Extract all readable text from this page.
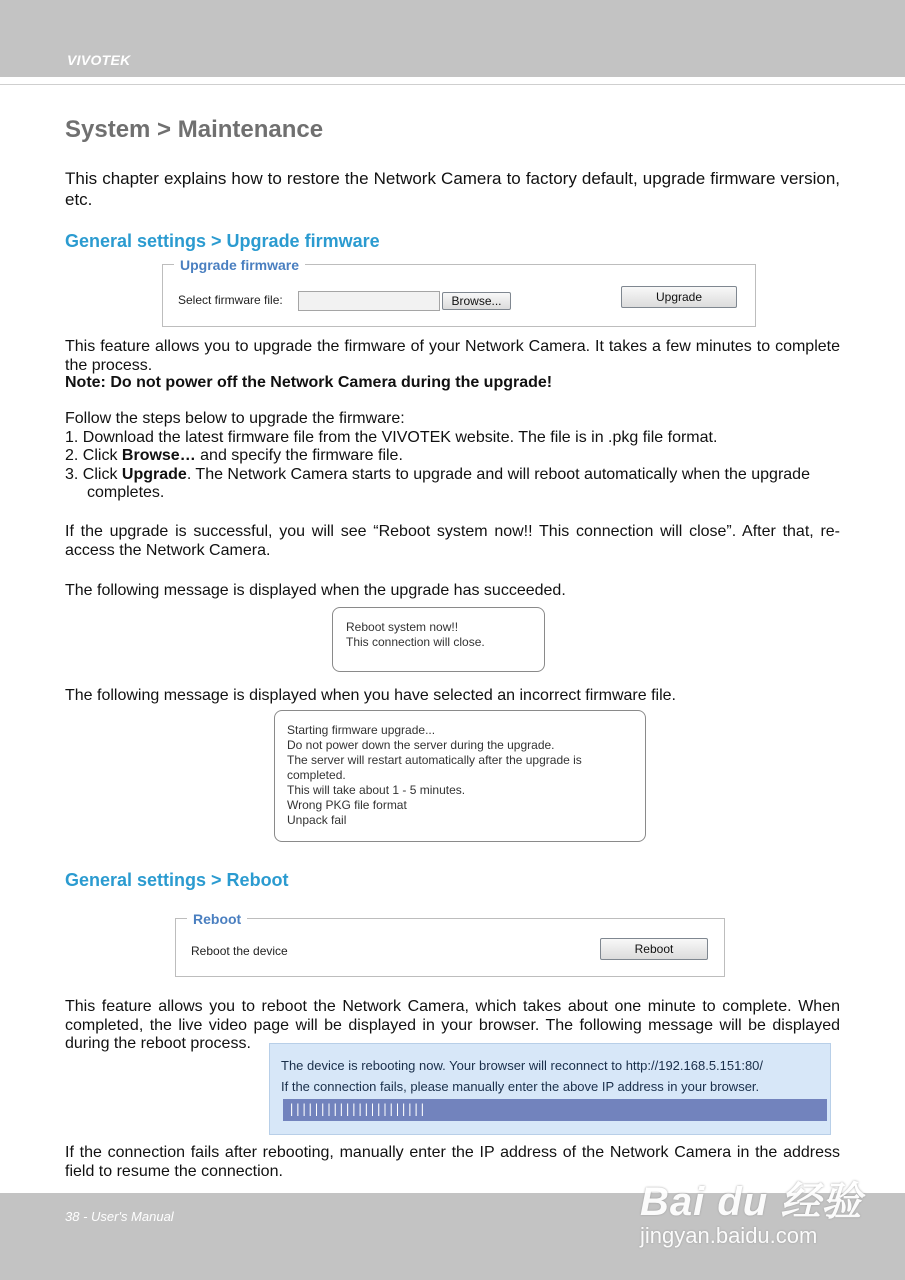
VIVOTEK
System > Maintenance
This chapter explains how to restore the Network Camera to factory default, upgrade firmware version, etc.
General settings > Upgrade firmware
Upgrade firmware
Select firmware file:	Browse...	Upgrade
This feature allows you to upgrade the firmware of your Network Camera. It takes a few minutes to complete the process.
Note: Do not power off the Network Camera during the upgrade!
Follow the steps below to upgrade the firmware:
1. Download the latest firmware file from the VIVOTEK website. The file is in .pkg file format.
2. Click Browse… and specify the firmware file.
3. Click Upgrade. The Network Camera starts to upgrade and will reboot automatically when the upgrade
completes.
If the upgrade is successful, you will see “Reboot system now!! This connection will close”. After that, re-access the Network Camera.
The following message is displayed when the upgrade has succeeded.
Reboot system now!!
This connection will close.
The following message is displayed when you have selected an incorrect firmware file.
Starting firmware upgrade...
Do not power down the server during the upgrade.
The server will restart automatically after the upgrade is
completed.
This will take about 1 - 5 minutes.
Wrong PKG file format
Unpack fail
General settings > Reboot
Reboot
Reboot the device	Reboot
This feature allows you to reboot the Network Camera, which takes about one minute to complete. When completed, the live video page will be displayed in your browser. The following message will be displayed during the reboot process.
The device is rebooting now. Your browser will reconnect to http://192.168.5.151:80/
If the connection fails, please manually enter the above IP address in your browser.
||||||||||||||||||||||
If the connection fails after rebooting, manually enter the IP address of the Network Camera in the address field to resume the connection.
38 - User's Manual	Bai du 经验
jingyan.baidu.com
